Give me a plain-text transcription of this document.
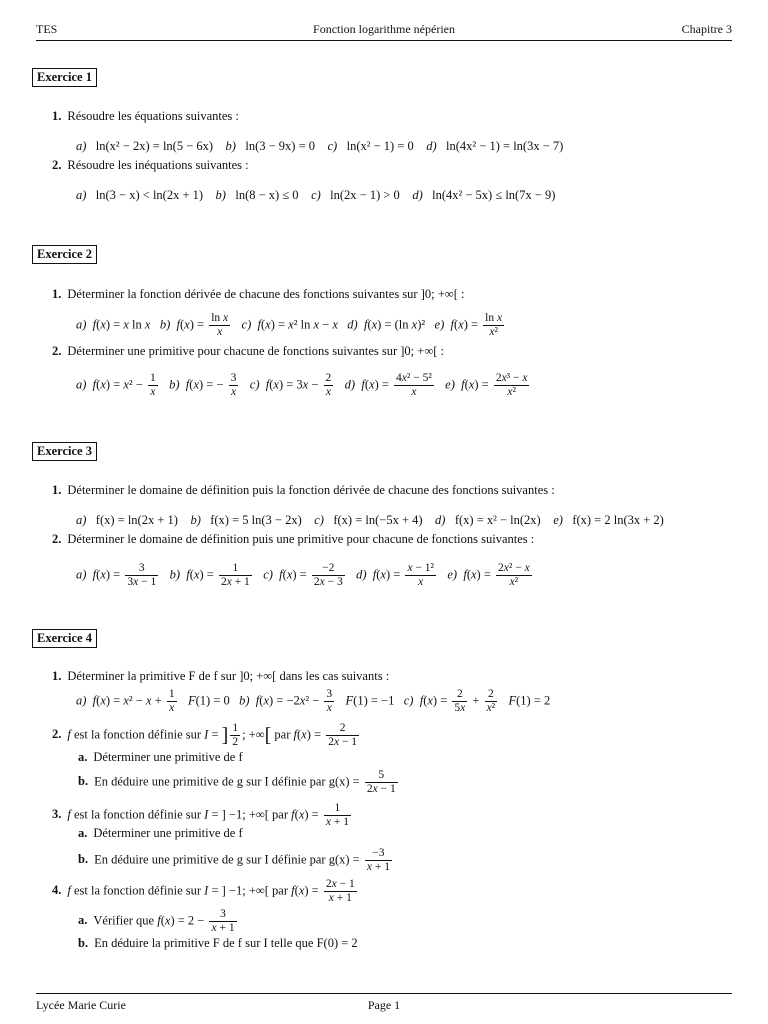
TES	Fonction logarithme népérien	Chapitre 3
Exercice 1
1. Résoudre les équations suivantes :
a) ln(x² − 2x) = ln(5 − 6x) b) ln(3 − 9x) = 0 c) ln(x² − 1) = 0 d) ln(4x² − 1) = ln(3x − 7)
2. Résoudre les inéquations suivantes :
a) ln(3 − x) < ln(2x + 1) b) ln(8 − x) ≤ 0 c) ln(2x − 1) > 0 d) ln(4x² − 5x) ≤ ln(7x − 9)
Exercice 2
1. Déterminer la fonction dérivée de chacune des fonctions suivantes sur ]0; +∞[ :
a) f(x) = x ln x b) $f(x) = \frac{\text{ln x}}{x} c$) f(x) = x² ln x − x d) f(x) = (ln x)²   e) $f(x) = \frac{\text{ln x}}{\text{x²}}$
2. Déterminer une primitive pour chacune de fonctions suivantes sur ]0; +∞[ :
a) $f(x) = x^2 - \frac{1}{x} b$) f(x) = − $\frac{3}{x} c$) $f(x) = 3x - \frac{2}{x} d$) $f(x) = \frac{\text{4x² − 5²}}{x} e$) $f(x) = \frac{\text{2x³ − x}}{\text{x²}}$
Exercice 3
1. Déterminer le domaine de définition puis la fonction dérivée de chacune des fonctions suivantes :
a) f(x) = ln(2x + 1) b) f(x) = 5 ln(3 − 2x) c) f(x) = ln(−5x + 4) d) f(x) = x² − ln(2x) e) f(x) = 2 ln(3x + 2)
2. Déterminer le domaine de définition puis une primitive pour chacune de fonctions suivantes :
a) $f(x) = \frac{3}{3x - 1} b$) $f(x) = \frac{1}{2x + 1} c$) $f(x) = \frac{-2}{2x - 3} d$) $f(x) = \frac{\text{x − 1²}}{x} e$) $f(x) = \frac{\text{2x² − x}}{\text{x²}}$
Exercice 4
1. Déterminer la primitive F de f sur ]0; +∞[ dans les cas suivants :
a) $f(x) = x^2 - x + \frac{1}{x} F(1) = 0$   b) $f(x) = -2x^2 - \frac{3}{x} F(1) = -1$   c) $f(x) = \frac{2}{5x} + \frac{2}{\text{x²}} F(1) = 2$
2. f est la fonction définie sur I = ] $\frac{1}{2}$ ; +∞[ par $f(x) = \frac{2}{2x - 1}$
a. Déterminer une primitive de f
b. En déduire une primitive de g sur I définie par $g(x) = \frac{5}{2x - 1}$
3. f est la fonction définie sur I = ] −1; +∞[ par $f(x) = \frac{1}{x + 1}$
a. Déterminer une primitive de f
b. En déduire une primitive de g sur I définie par $g(x) = \frac{-3}{x + 1}$
4. f est la fonction définie sur I = ] −1; +∞[ par $f(x) = \frac{2x - 1}{x + 1}$
a. Vérifier que $f(x) = 2 - \frac{3}{x + 1}$
b. En déduire la primitive F de f sur I telle que F(0) = 2
Lycée Marie Curie	Page 1
